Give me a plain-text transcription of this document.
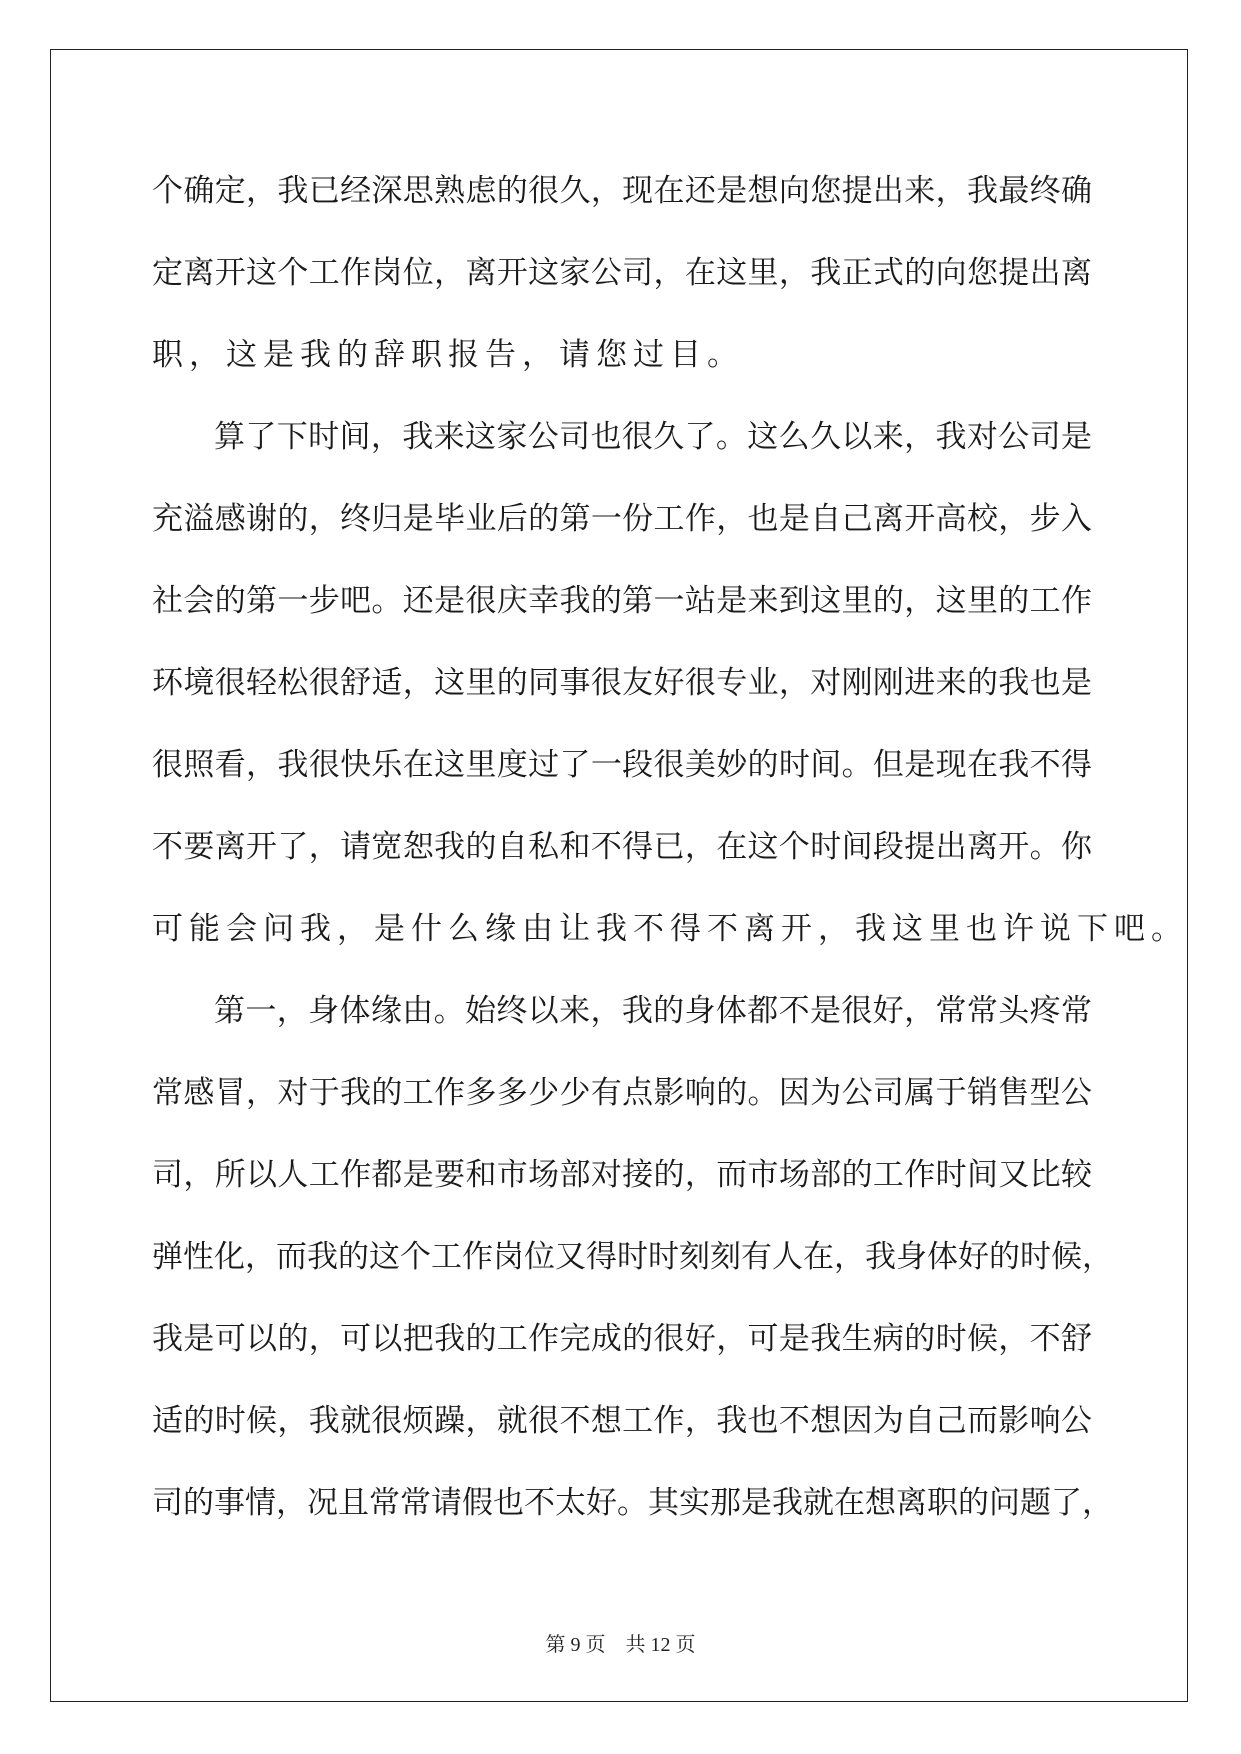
个确定，我已经深思熟虑的很久，现在还是想向您提出来，我最终确
定离开这个工作岗位，离开这家公司，在这里，我正式的向您提出离
职，这是我的辞职报告，请您过目。
算了下时间，我来这家公司也很久了。这么久以来，我对公司是
充溢感谢的，终归是毕业后的第一份工作，也是自己离开高校，步入
社会的第一步吧。还是很庆幸我的第一站是来到这里的，这里的工作
环境很轻松很舒适，这里的同事很友好很专业，对刚刚进来的我也是
很照看，我很快乐在这里度过了一段很美妙的时间。但是现在我不得
不要离开了，请宽恕我的自私和不得已，在这个时间段提出离开。你
可能会问我，是什么缘由让我不得不离开，我这里也许说下吧。
第一，身体缘由。始终以来，我的身体都不是很好，常常头疼常
常感冒，对于我的工作多多少少有点影响的。因为公司属于销售型公
司，所以人工作都是要和市场部对接的，而市场部的工作时间又比较
弹性化，而我的这个工作岗位又得时时刻刻有人在，我身体好的时候，
我是可以的，可以把我的工作完成的很好，可是我生病的时候，不舒
适的时候，我就很烦躁，就很不想工作，我也不想因为自己而影响公
司的事情，况且常常请假也不太好。其实那是我就在想离职的问题了，
第 9 页    共 12 页
